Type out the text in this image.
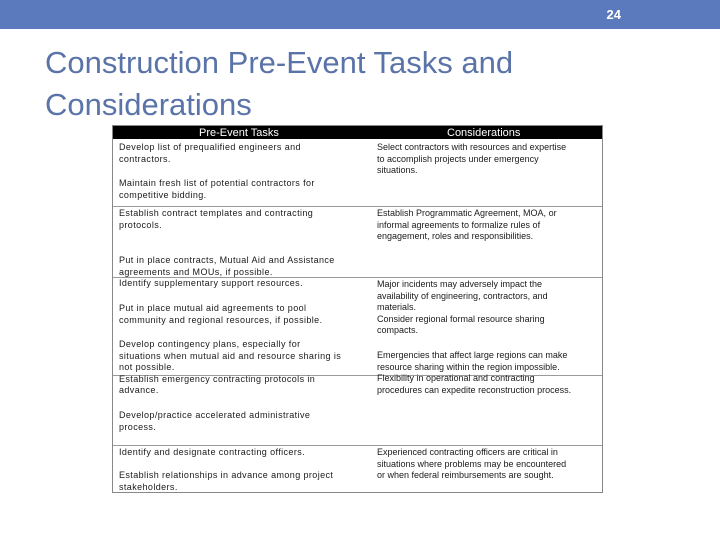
24
Construction Pre-Event Tasks and Considerations
Pre-Event Tasks	Considerations
Develop list of prequalified engineers and
contractors.
Maintain fresh list of potential contractors for
competitive bidding.
Establish contract templates and contracting
protocols.
Put in place contracts, Mutual Aid and Assistance
agreements and MOUs, if possible.
Identify supplementary support resources.
Put in place mutual aid agreements to pool
community and regional resources, if possible.
Develop contingency plans, especially for
situations when mutual aid and resource sharing is
not possible.
Establish emergency contracting protocols in
advance.
Develop/practice accelerated administrative
process.
Identify and designate contracting officers.
Establish relationships in advance among project
stakeholders.
Select contractors with resources and expertise
to accomplish projects under emergency
situations.
Establish Programmatic Agreement, MOA, or
informal agreements to formalize rules of
engagement, roles and responsibilities.
Major incidents may adversely impact the
availability of engineering, contractors, and
materials.
Consider regional formal resource sharing
compacts.
Emergencies that affect large regions can make
resource sharing within the region impossible.
Flexibility in operational and contracting
procedures can expedite reconstruction process.
Experienced contracting officers are critical in
situations where problems may be encountered
or when federal reimbursements are sought.
